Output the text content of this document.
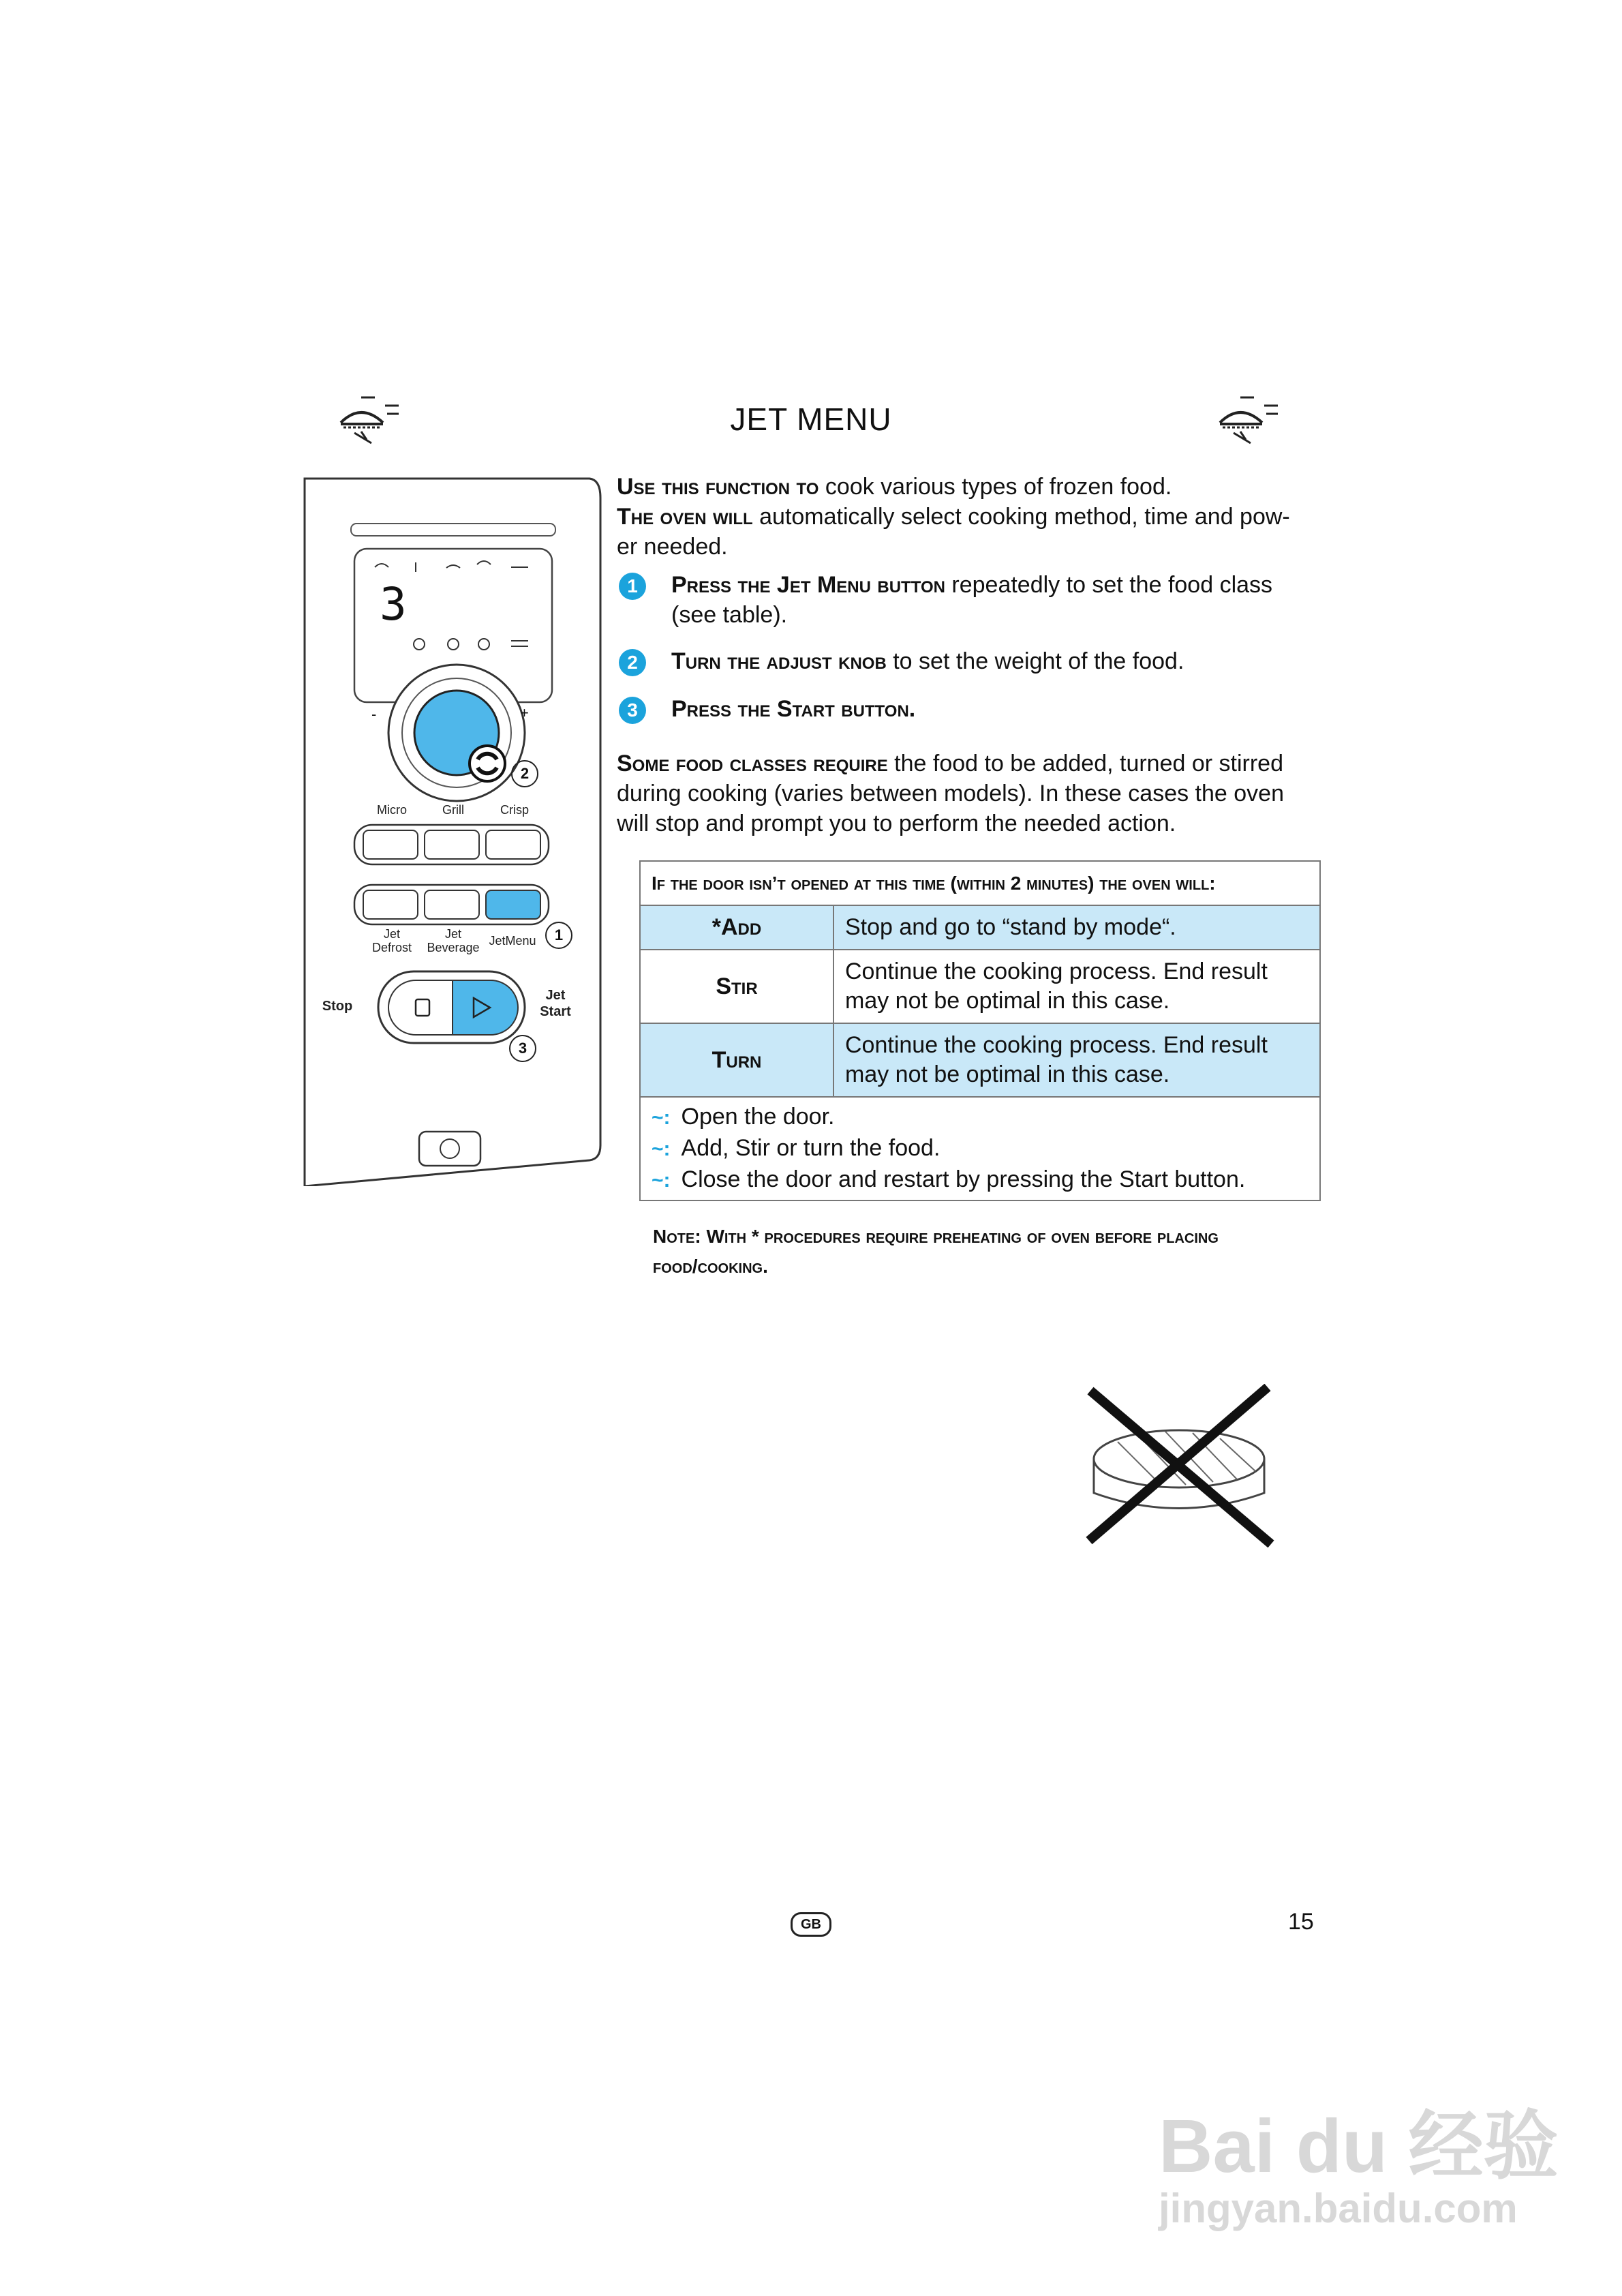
JET MENU
3
-	+
2
Micro	Grill	Crisp
Jet
Defrost
Jet
Beverage JetMenu	1
Stop
Jet
Start
3
Use this function to cook various types of frozen food.
The oven will automatically select cooking method, time and pow-er needed.
1	Press the Jet Menu button repeatedly to set the food class (see table).
2	Turn the adjust knob to set the weight of the food.
3	Press the Start button.
Some food classes require the food to be added, turned or stirred during cooking (varies between models). In these cases the oven will stop and prompt you to perform the needed action.
If the door isn’t opened at this time (within 2 minutes) the oven will:	
*Add	Stop and go to “stand by mode“.
Stir	Continue the cooking process. End result may not be optimal in this case.
Turn	Continue the cooking process. End result may not be optimal in this case.

~: Open the door.
~: Add, Stir or turn the food.
~: Close the door and restart by pressing the Start button.	
Note: With * procedures require preheating of oven before placing food/cooking.
GB	15
Bai du 经验
jingyan.baidu.com
